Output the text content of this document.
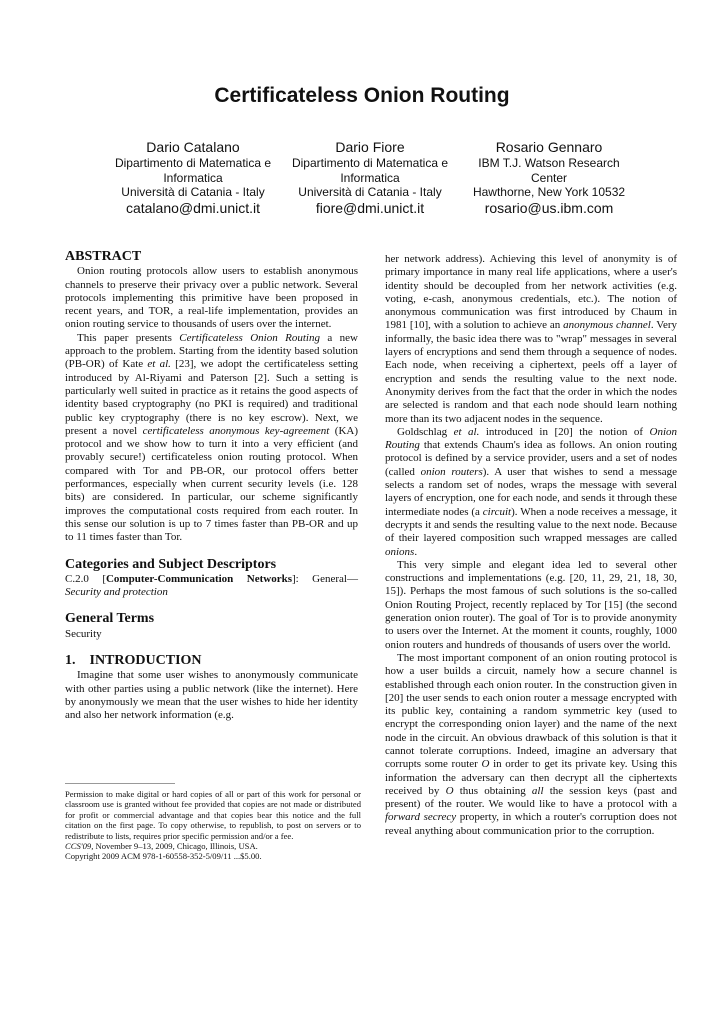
Certificateless Onion Routing
Dario Catalano
Dipartimento di Matematica e
Informatica
Università di Catania - Italy
catalano@dmi.unict.it
Dario Fiore
Dipartimento di Matematica e
Informatica
Università di Catania - Italy
fiore@dmi.unict.it
Rosario Gennaro
IBM T.J. Watson Research
Center
Hawthorne, New York 10532
rosario@us.ibm.com
ABSTRACT

Onion routing protocols allow users to establish anonymous channels to preserve their privacy over a public network. Several protocols implementing this primitive have been proposed in recent years, and TOR, a real-life implementation, provides an onion routing service to thousands of users over the internet.

This paper presents Certificateless Onion Routing a new approach to the problem. Starting from the identity based solution (PB-OR) of Kate et al. [23], we adopt the certificateless setting introduced by Al-Riyami and Paterson [2]. Such a setting is particularly well suited in practice as it retains the good aspects of identity based cryptography (no PKI is required) and traditional public key cryptography (there is no key escrow). Next, we present a novel certificateless anonymous key-agreement (KA) protocol and we show how to turn it into a very efficient (and provably secure!) certificateless onion routing protocol. When compared with Tor and PB-OR, our protocol offers better performances, especially when current security levels (i.e. 128 bits) are considered. In particular, our scheme significantly improves the computational costs required from each router. In this sense our solution is up to 7 times faster than PB-OR and up to 11 times faster than Tor.

Categories and Subject Descriptors

C.2.0 [Computer-Communication Networks]: General—Security and protection

General Terms

Security

1.    INTRODUCTION

Imagine that some user wishes to anonymously communicate with other parties using a public network (like the internet). Here by anonymously we mean that the user wishes to hide her identity and also her network information (e.g.

Permission to make digital or hard copies of all or part of this work for personal or classroom use is granted without fee provided that copies are not made or distributed for profit or commercial advantage and that copies bear this notice and the full citation on the first page. To copy otherwise, to republish, to post on servers or to redistribute to lists, requires prior specific permission and/or a fee.
CCS'09, November 9–13, 2009, Chicago, Illinois, USA.
Copyright 2009 ACM 978-1-60558-352-5/09/11 ...$5.00.

her network address). Achieving this level of anonymity is of primary importance in many real life applications, where a user's identity should be decoupled from her network activities (e.g. voting, e-cash, anonymous credentials, etc.). The notion of anonymous communication was first introduced by Chaum in 1981 [10], with a solution to achieve an anonymous channel. Very informally, the basic idea there was to "wrap" messages in several layers of encryptions and send them through a sequence of nodes. Each node, when receiving a ciphertext, peels off a layer of encryption and sends the resulting value to the next node. Anonymity derives from the fact that the order in which the nodes are selected is random and that each node should learn nothing more than its two adjacent nodes in the sequence.

Goldschlag et al. introduced in [20] the notion of Onion Routing that extends Chaum's idea as follows. An onion routing protocol is defined by a service provider, users and a set of nodes (called onion routers). A user that wishes to send a message selects a random set of nodes, wraps the message with several layers of encryption, one for each node, and sends it through these intermediate nodes (a circuit). When a node receives a message, it decrypts it and sends the resulting value to the next node. Because of their layered composition such wrapped messages are called onions.

This very simple and elegant idea led to several other constructions and implementations (e.g. [20, 11, 29, 21, 18, 30, 15]). Perhaps the most famous of such solutions is the so-called Onion Routing Project, recently replaced by Tor [15] (the second generation onion router). The goal of Tor is to provide anonymity to users over the Internet. At the moment it counts, roughly, 1000 onion routers and hundreds of thousands of users over the world.

The most important component of an onion routing protocol is how a user builds a circuit, namely how a secure channel is established through each onion router. In the construction given in [20] the user sends to each onion router a message encrypted with its public key, containing a random symmetric key (used to encrypt the corresponding onion layer) and the name of the next node in the circuit. An obvious drawback of this solution is that it cannot tolerate corruptions. Indeed, imagine an adversary that corrupts some router O in order to get its private key. Using this information the adversary can then decrypt all the ciphertexts received by O thus obtaining all the session keys (past and present) of the router. We would like to have a protocol with a forward secrecy property, in which a router's corruption does not reveal anything about communication prior to the corruption.
